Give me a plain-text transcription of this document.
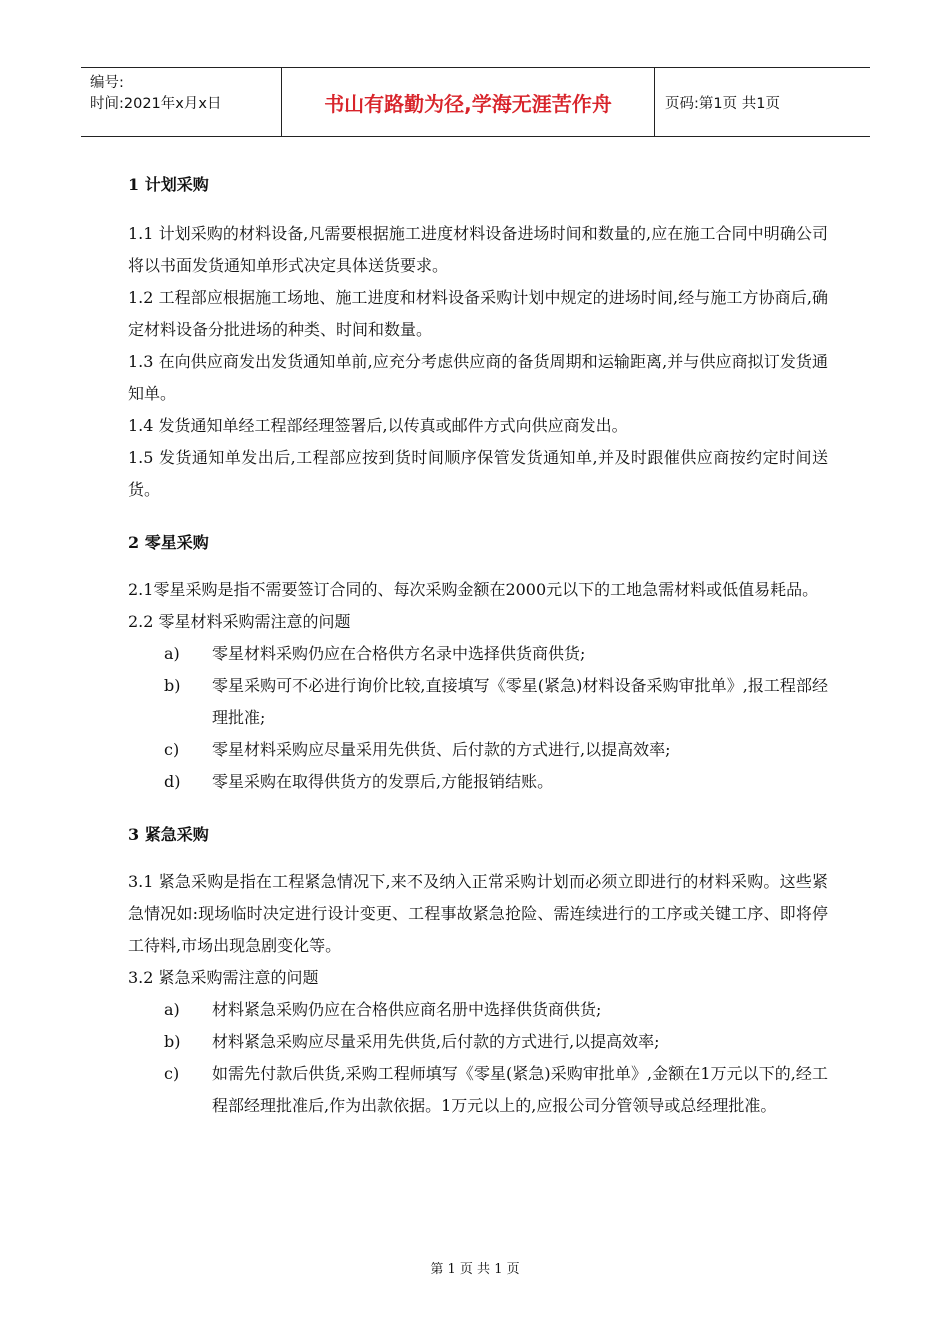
编号:
时间:2021年x月x日	书山有路勤为径,学海无涯苦作舟	页码:第1页 共1页
1 计划采购
1.1 计划采购的材料设备,凡需要根据施工进度材料设备进场时间和数量的,应在施工合同中明确公司将以书面发货通知单形式决定具体送货要求。
1.2 工程部应根据施工场地、施工进度和材料设备采购计划中规定的进场时间,经与施工方协商后,确定材料设备分批进场的种类、时间和数量。
1.3 在向供应商发出发货通知单前,应充分考虑供应商的备货周期和运输距离,并与供应商拟订发货通知单。
1.4 发货通知单经工程部经理签署后,以传真或邮件方式向供应商发出。
1.5 发货通知单发出后,工程部应按到货时间顺序保管发货通知单,并及时跟催供应商按约定时间送货。
2 零星采购
2.1零星采购是指不需要签订合同的、每次采购金额在2000元以下的工地急需材料或低值易耗品。
2.2 零星材料采购需注意的问题
a)	零星材料采购仍应在合格供方名录中选择供货商供货;
b)	零星采购可不必进行询价比较,直接填写《零星(紧急)材料设备采购审批单》,报工程部经理批准;
c)	零星材料采购应尽量采用先供货、后付款的方式进行,以提高效率;
d)	零星采购在取得供货方的发票后,方能报销结账。
3 紧急采购
3.1 紧急采购是指在工程紧急情况下,来不及纳入正常采购计划而必须立即进行的材料采购。这些紧急情况如:现场临时决定进行设计变更、工程事故紧急抢险、需连续进行的工序或关键工序、即将停工待料,市场出现急剧变化等。
3.2 紧急采购需注意的问题
a)	材料紧急采购仍应在合格供应商名册中选择供货商供货;
b)	材料紧急采购应尽量采用先供货,后付款的方式进行,以提高效率;
c)	如需先付款后供货,采购工程师填写《零星(紧急)采购审批单》,金额在1万元以下的,经工程部经理批准后,作为出款依据。1万元以上的,应报公司分管领导或总经理批准。
第 1 页 共 1 页
